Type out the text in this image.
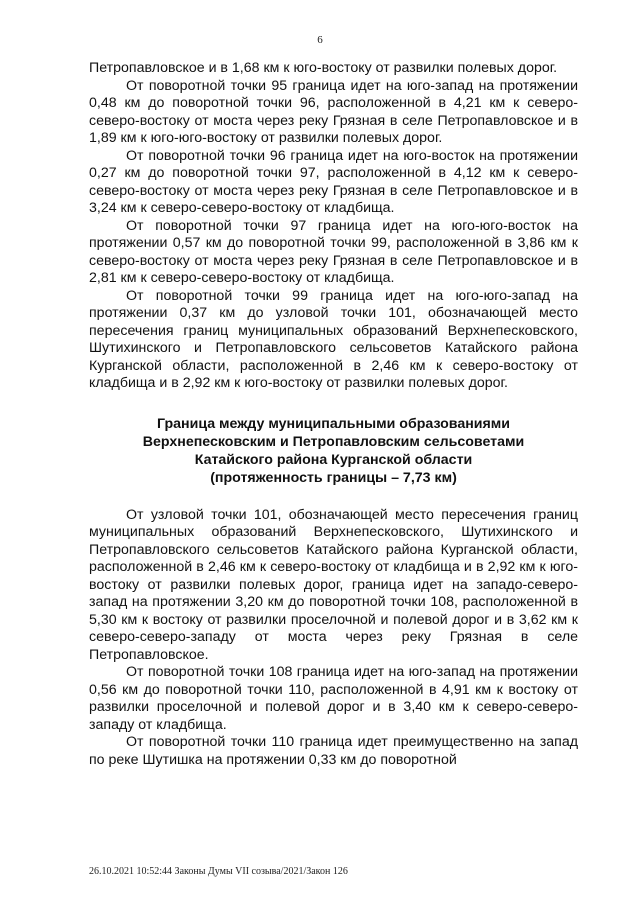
6

Петропавловское и в 1,68 км к юго-востоку от развилки полевых дорог.

От поворотной точки 95 граница идет на юго-запад на протяжении 0,48 км до поворотной точки 96, расположенной в 4,21 км к северо-северо-востоку от моста через реку Грязная в селе Петропавловское и в 1,89 км к юго-юго-востоку от развилки полевых дорог.

От поворотной точки 96 граница идет на юго-восток на протяжении 0,27 км до поворотной точки 97, расположенной в 4,12 км к северо-северо-востоку от моста через реку Грязная в селе Петропавловское и в 3,24 км к северо-северо-востоку от кладбища.

От поворотной точки 97 граница идет на юго-юго-восток на протяжении 0,57 км до поворотной точки 99, расположенной в 3,86 км к северо-востоку от моста через реку Грязная в селе Петропавловское и в 2,81 км к северо-северо-востоку от кладбища.

От поворотной точки 99 граница идет на юго-юго-запад на протяжении 0,37 км до узловой точки 101, обозначающей место пересечения границ муниципальных образований Верхнепесковского, Шутихинского и Петропавловского сельсоветов Катайского района Курганской области, расположенной в 2,46 км к северо-востоку от кладбища и в 2,92 км к юго-востоку от развилки полевых дорог.

Граница между муниципальными образованиями
Верхнепесковским и Петропавловским сельсоветами
Катайского района Курганской области
(протяженность границы – 7,73 км)

От узловой точки 101, обозначающей место пересечения границ муниципальных образований Верхнепесковского, Шутихинского и Петропавловского сельсоветов Катайского района Курганской области, расположенной в 2,46 км к северо-востоку от кладбища и в 2,92 км к юго-востоку от развилки полевых дорог, граница идет на западо-северо-запад на протяжении 3,20 км до поворотной точки 108, расположенной в 5,30 км к востоку от развилки проселочной и полевой дорог и в 3,62 км к северо-северо-западу от моста через реку Грязная в селе Петропавловское.

От поворотной точки 108 граница идет на юго-запад на протяжении 0,56 км до поворотной точки 110, расположенной в 4,91 км к востоку от развилки проселочной и полевой дорог и в 3,40 км к северо-северо-западу от кладбища.

От поворотной точки 110 граница идет преимущественно на запад по реке Шутишка на протяжении 0,33 км до поворотной

26.10.2021 10:52:44 Законы Думы VII созыва/2021/Закон 126
